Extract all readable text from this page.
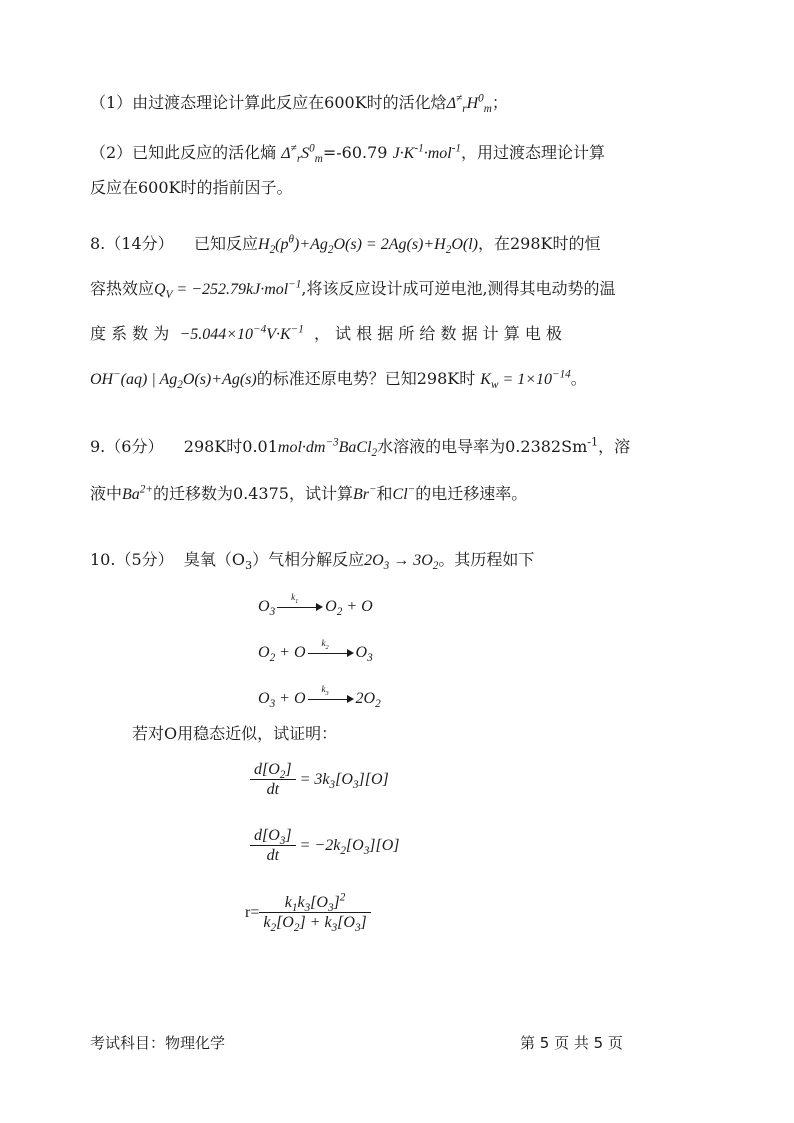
（1）由过渡态理论计算此反应在600K时的活化焓$\Delta^\ne_rH^0_m$；
（2）已知此反应的活化熵 $\Delta^\ne_rS^0_m=-60.79$ $J\cdot K^{-1}\cdot mol^{-1}$，用过渡态理论计算
反应在600K时的指前因子。
8.（14分） 已知反应$H_2(p^\theta)+Ag_2O(s) = 2Ag(s)+H_2O(l)$，在298K时的恒
容热效应$Q_V = -252.79kJ\cdot mol^{-1}$,将该反应设计成可逆电池,测得其电动势的温
度 系 数 为 $-5.044\times 10^{-4}V\cdot K^{-1}$ ， 试 根 据 所 给 数 据 计 算 电 极
OH−(aq) | $Ag_2O(s)+Ag(s)$的标准还原电势？已知298K时 $K_w = 1\times 10^{-14}$。
9.（6分） 298K时$0.01mol\cdot dm^{-3}BaCl_2$水溶液的电导率为$0.2382Sm^{-1}$，溶
液中$Ba^{2+}$的迁移数为0.4375，试计算Br−和Cl−的电迁移速率。
10.（5分） 臭氧$(O_3)$气相分解反应$2O_3 \to 3O_2$。其历程如下
$O_3$
$k_1$ $O_2 + O$
$O_2 + O$
$k_2$ $O_3$
$O_3 + O$
$k_3$ $2O_2$
若对O用稳态近似，试证明：
$\frac{d[O_2]}{dt} = 3k_3[O_3][O]$
$\frac{d[O_3]}{dt} = -2k_2[O_3][O]$
$r= \frac{k_1k_3[O_3]^2}{k_2[O_2] + k_3[O_3]}$
考试科目：物理化学	第 5 页 共 5 页
